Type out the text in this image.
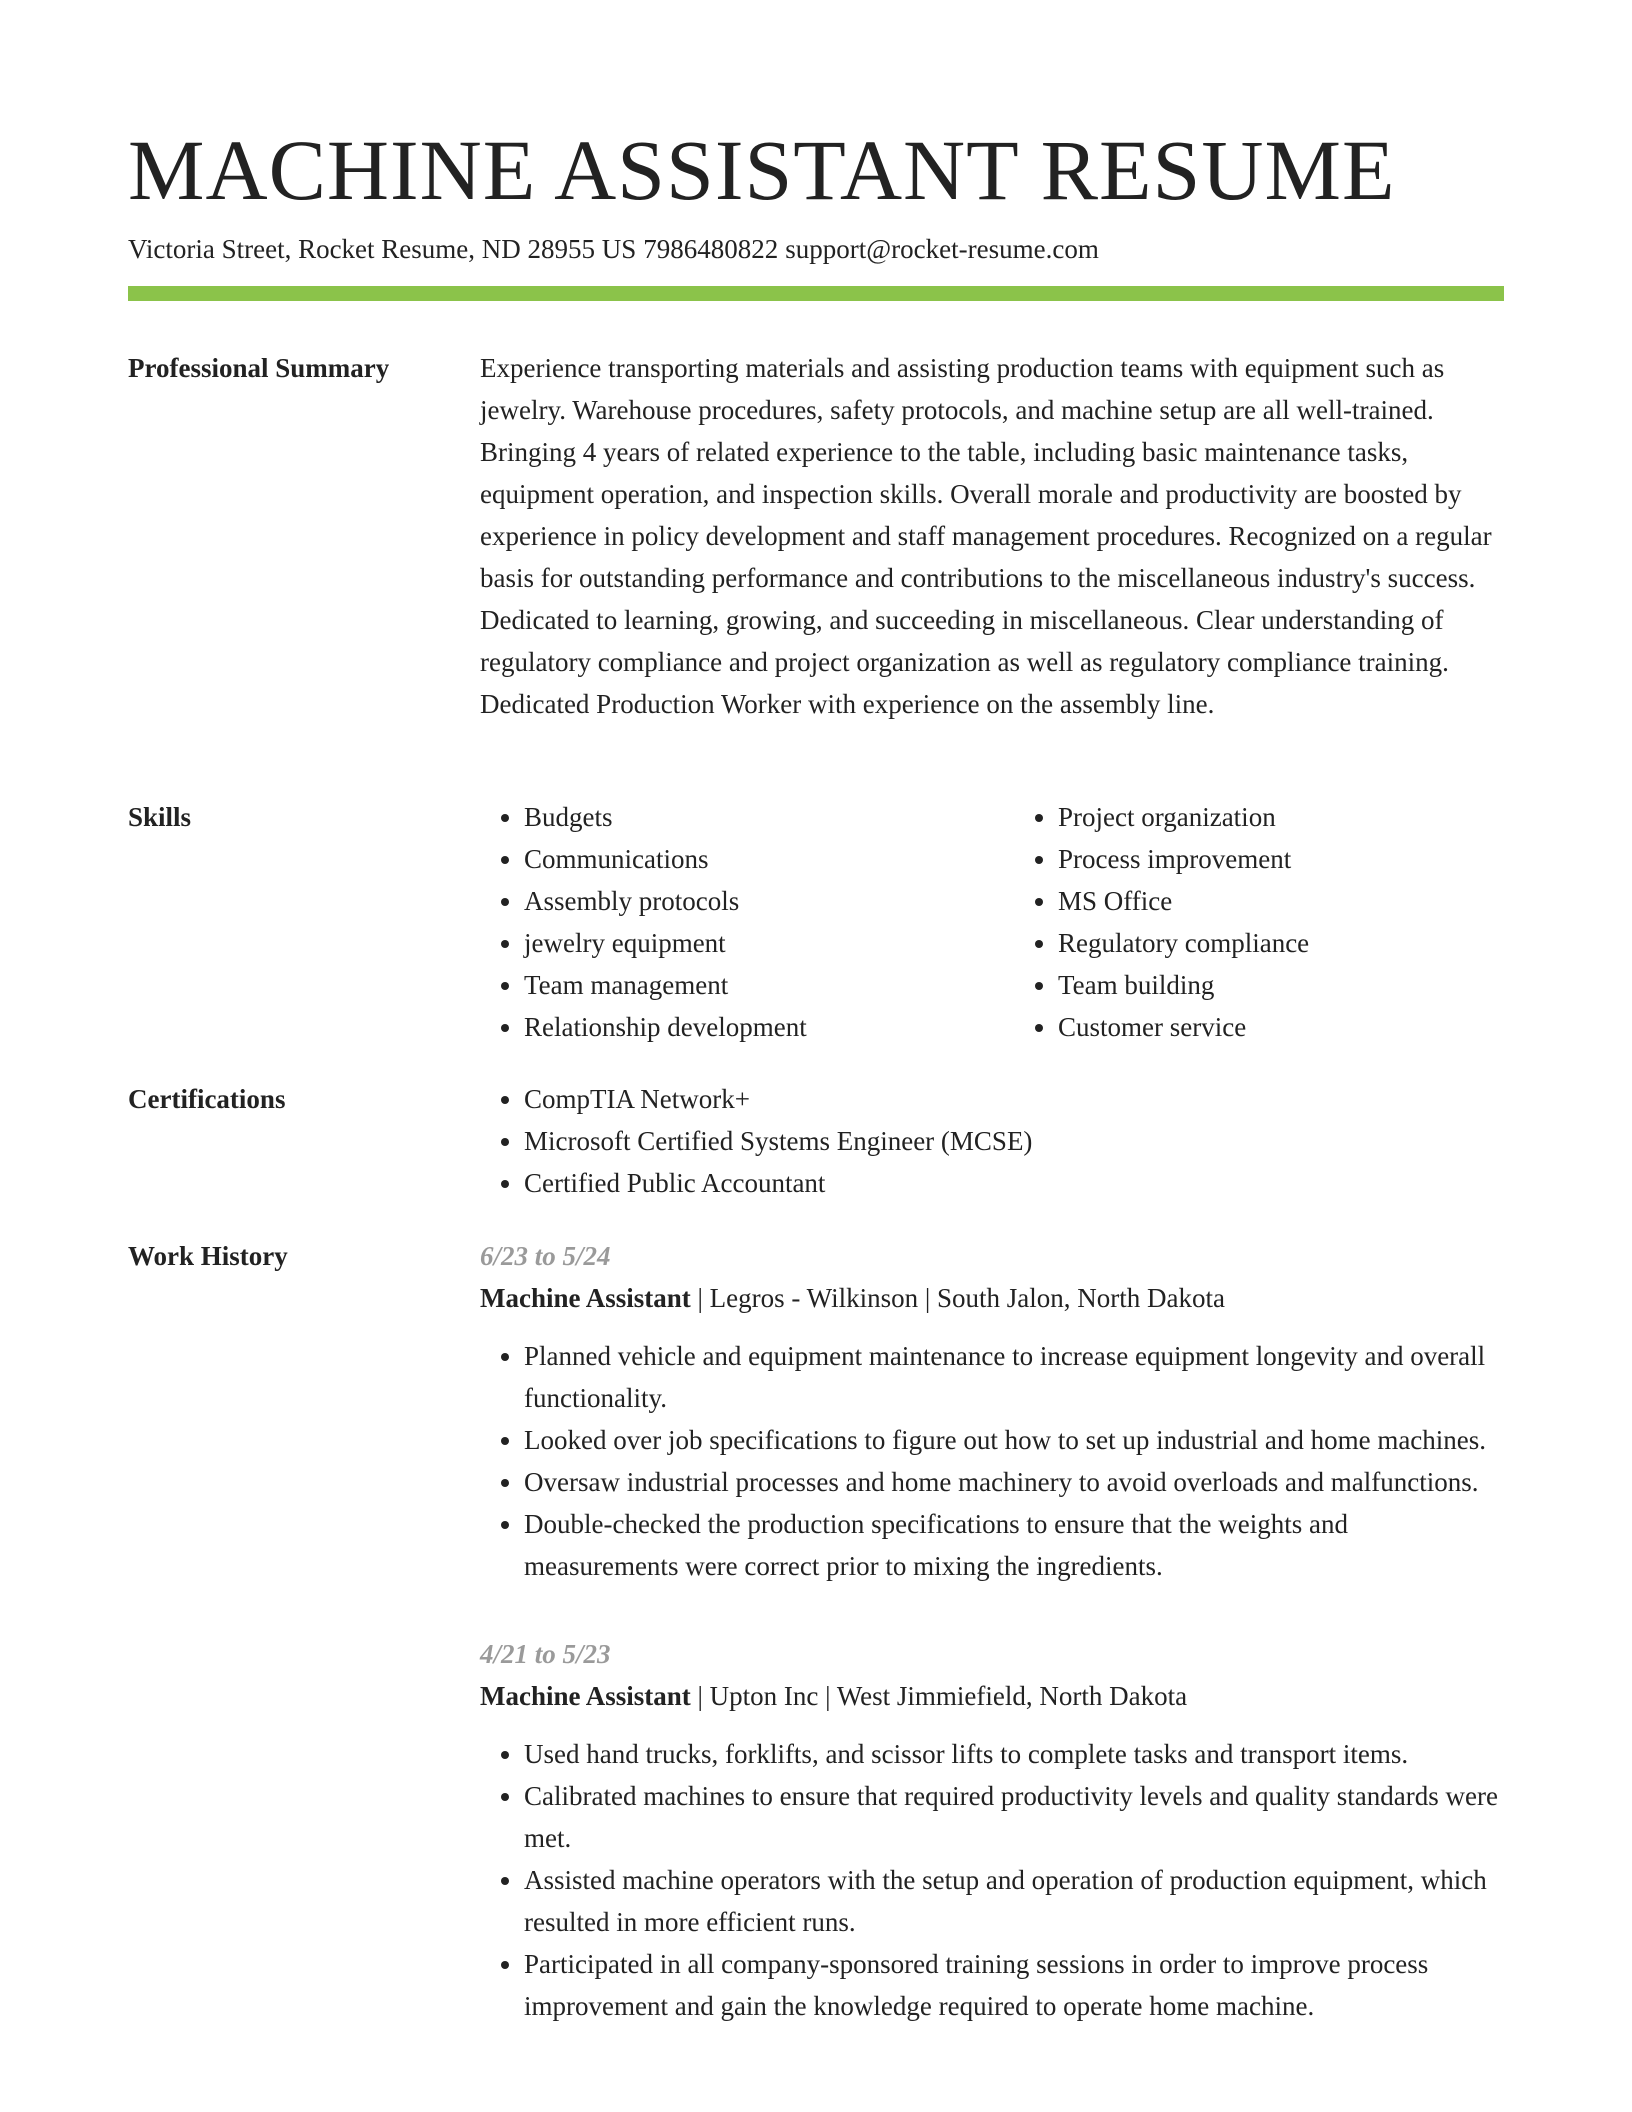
MACHINE ASSISTANT RESUME
Victoria Street, Rocket Resume, ND 28955 US 7986480822 support@rocket-resume.com
Professional Summary	Experience transporting materials and assisting production teams with equipment such as jewelry. Warehouse procedures, safety protocols, and machine setup are all well-trained. Bringing 4 years of related experience to the table, including basic maintenance tasks, equipment operation, and inspection skills. Overall morale and productivity are boosted by experience in policy development and staff management procedures. Recognized on a regular basis for outstanding performance and contributions to the miscellaneous industry's success. Dedicated to learning, growing, and succeeding in miscellaneous. Clear understanding of regulatory compliance and project organization as well as regulatory compliance training. Dedicated Production Worker with experience on the assembly line.

Skills	• Budgets
• Communications
• Assembly protocols
• jewelry equipment
• Team management
• Relationship development
• Project organization
• Process improvement
• MS Office
• Regulatory compliance
• Team building
• Customer service
Certifications	• CompTIA Network+
• Microsoft Certified Systems Engineer (MCSE)
• Certified Public Accountant
Work History	6/23 to 5/24
Machine Assistant | Legros - Wilkinson | South Jalon, North Dakota
• Planned vehicle and equipment maintenance to increase equipment longevity and overall functionality.
• Looked over job specifications to figure out how to set up industrial and home machines.
• Oversaw industrial processes and home machinery to avoid overloads and malfunctions.
• Double-checked the production specifications to ensure that the weights and measurements were correct prior to mixing the ingredients.
4/21 to 5/23
Machine Assistant | Upton Inc | West Jimmiefield, North Dakota
• Used hand trucks, forklifts, and scissor lifts to complete tasks and transport items.
• Calibrated machines to ensure that required productivity levels and quality standards were met.
• Assisted machine operators with the setup and operation of production equipment, which resulted in more efficient runs.
• Participated in all company-sponsored training sessions in order to improve process improvement and gain the knowledge required to operate home machine.
